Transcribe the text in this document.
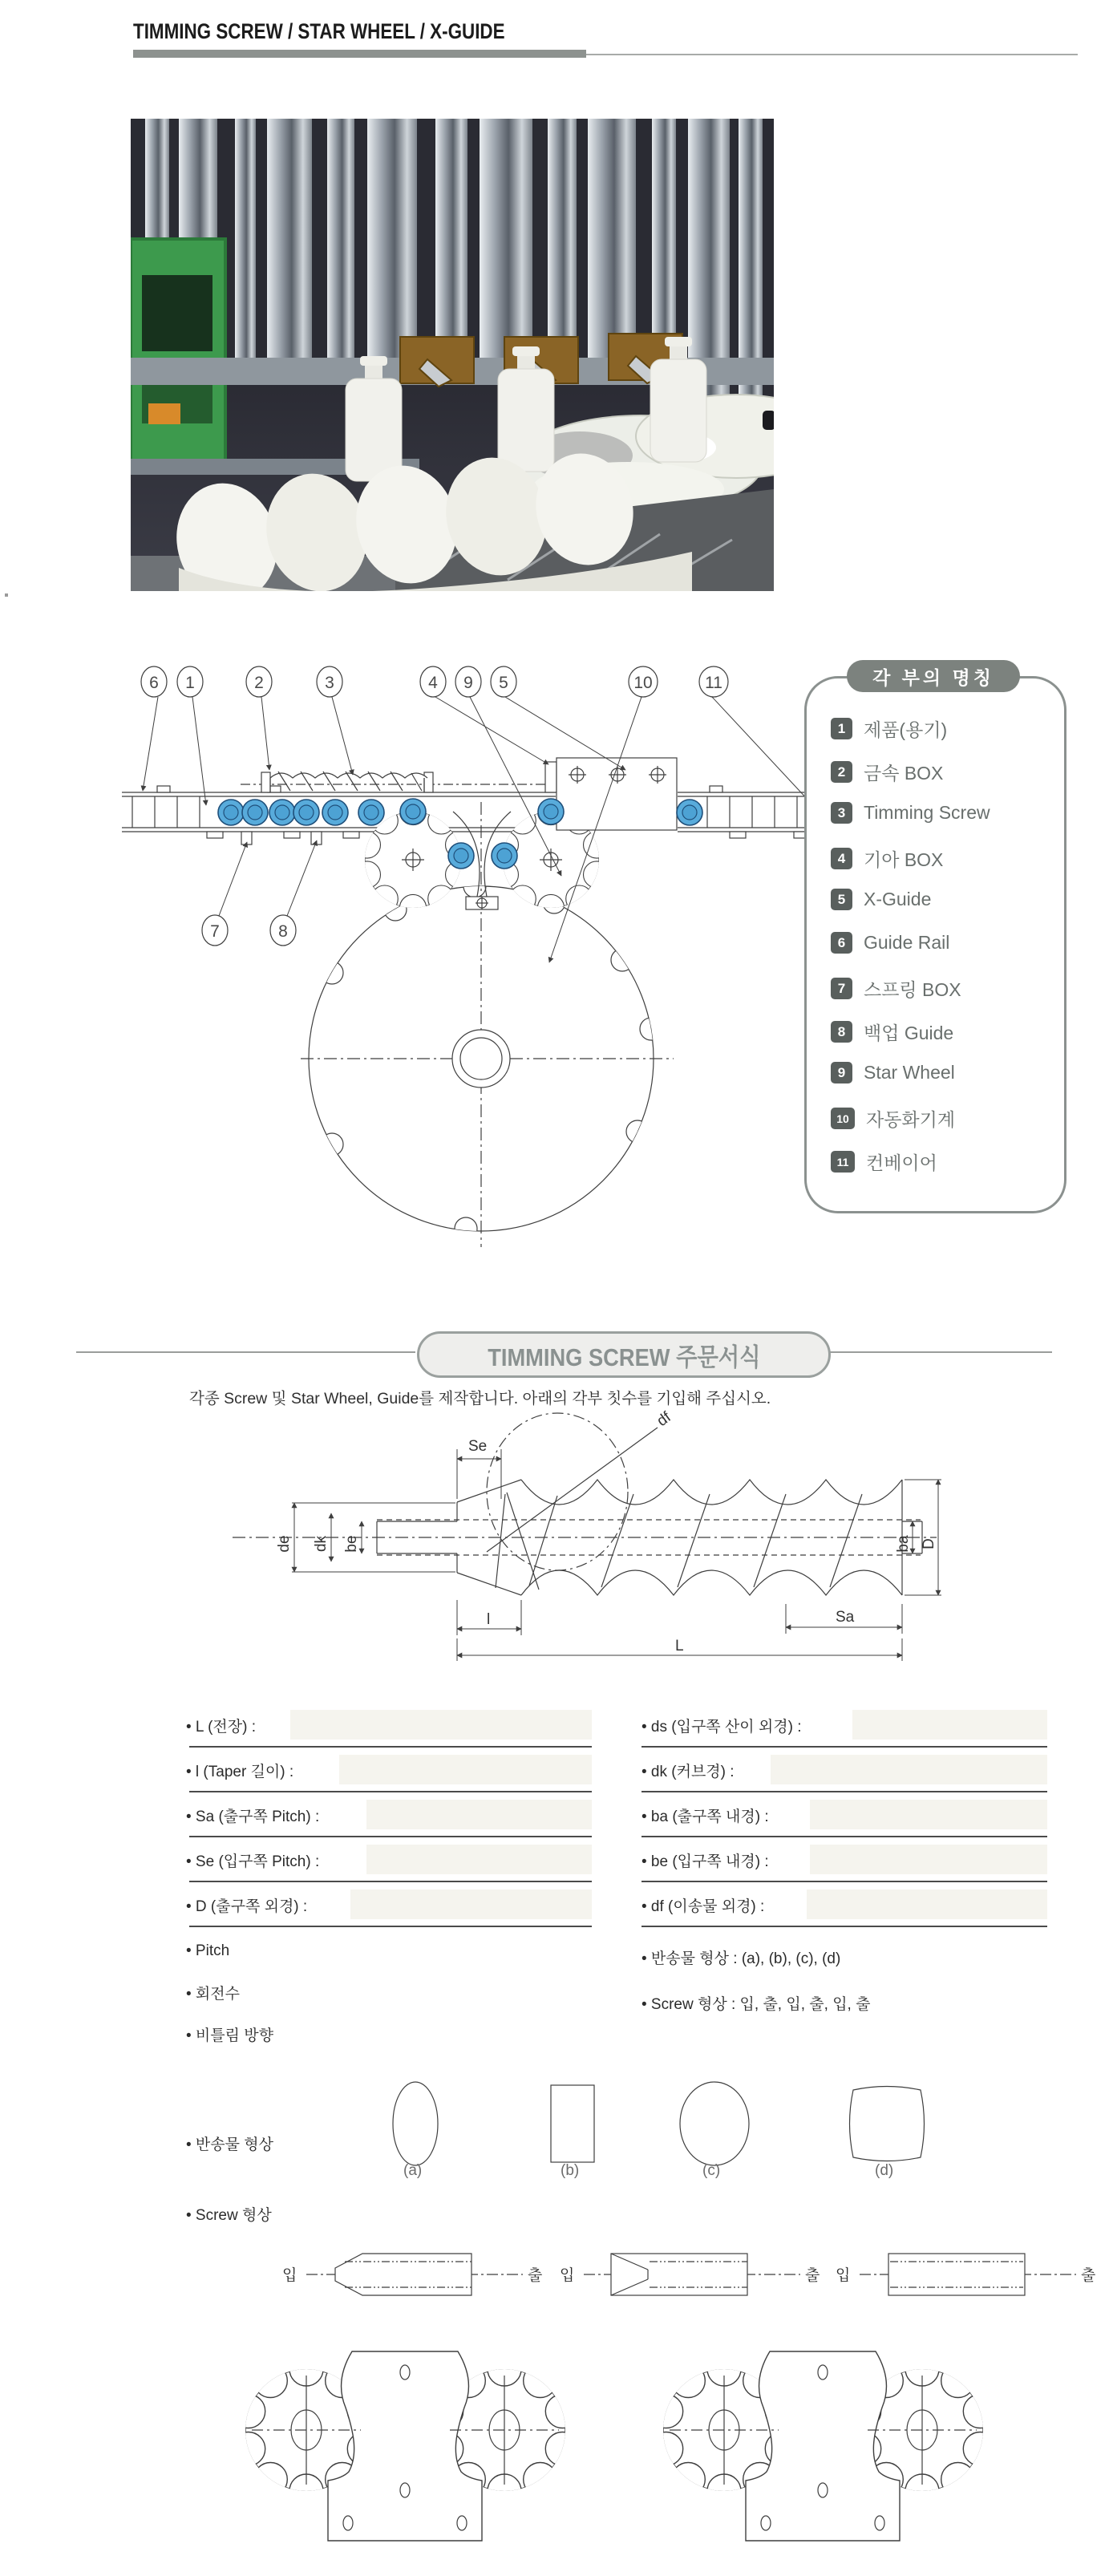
TIMMING SCREW / STAR WHEEL / X-GUIDE
6 1	2	3	4 9 5	10	11
7	8
각 부의 명칭
1 제품(용기)
2 금속 BOX
3 Timming Screw
4 기아 BOX
5 X-Guide
6 Guide Rail
7 스프링 BOX
8 백업 Guide
9 Star Wheel
10 자동화기계
11 컨베이어
TIMMING SCREW 주문서식
각종 Screw 및 Star Wheel, Guide를 제작합니다. 아래의 각부 칫수를 기입해 주십시오.
Se
df
de dk be	ba D
l	Sa
L
• L (전장) :
• l (Taper 길이) :
• Sa (출구쪽 Pitch) :
• Se (입구쪽 Pitch) :
• D (출구쪽 외경) :
• Pitch
• 회전수
• 비틀림 방향
• ds (입구쪽 산이 외경) :
• dk (커브경) :
• ba (출구쪽 내경) :
• be (입구쪽 내경) :
• df (이송물 외경) :
• 반송물 형상 : (a), (b), (c), (d)
• Screw 형상 : 입, 출, 입, 출, 입, 출
• 반송물 형상
(a)	(b)	(c)	(d)
• Screw 형상
입	출 입	출 입	출
